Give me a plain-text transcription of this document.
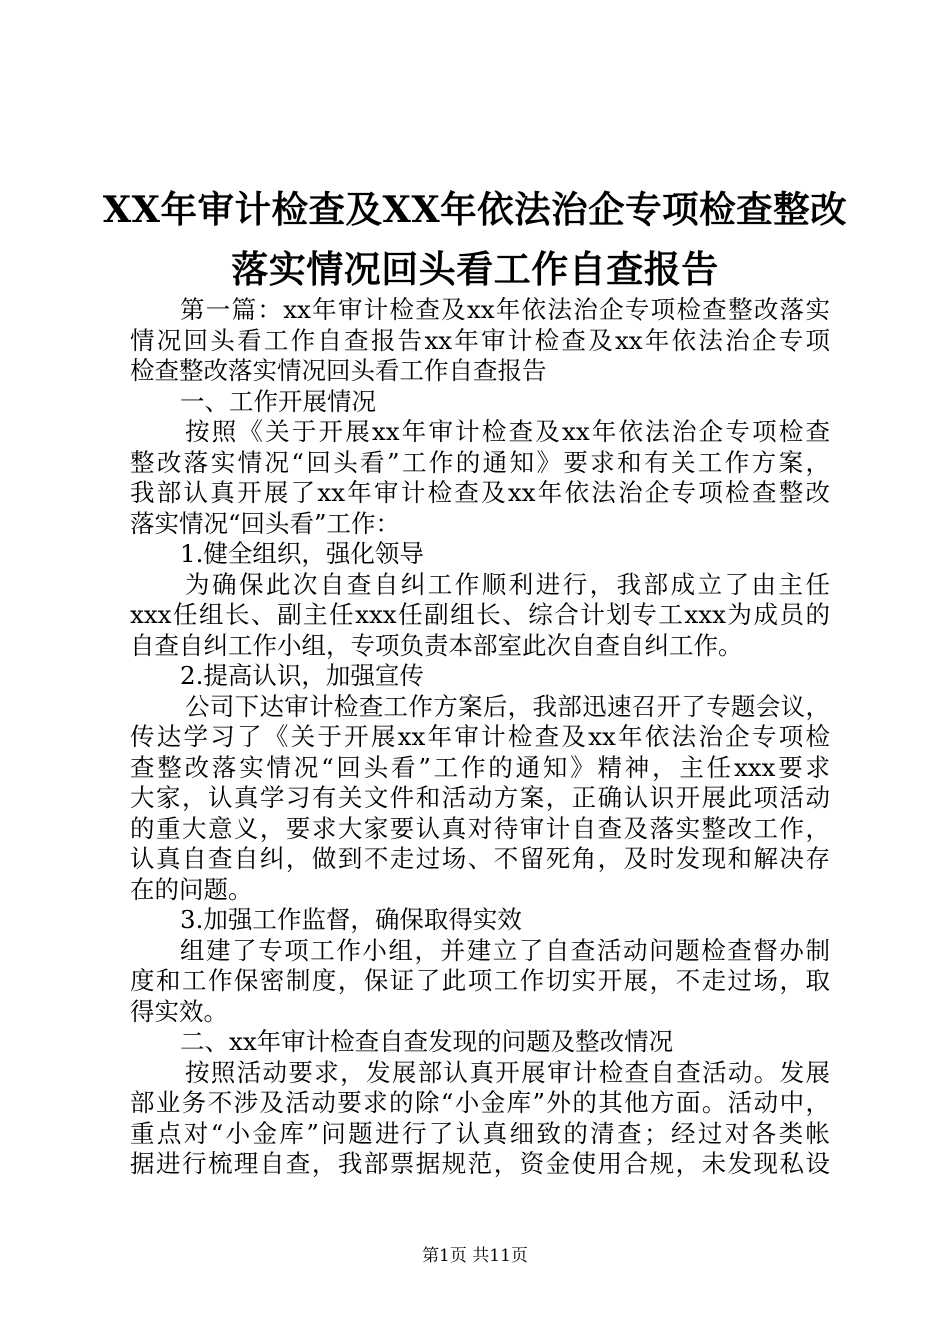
XX年审计检查及XX年依法治企专项检查整改
落实情况回头看工作自查报告
第一篇：xx年审计检查及xx年依法治企专项检查整改落实
情况回头看工作自查报告xx年审计检查及xx年依法治企专项
检查整改落实情况回头看工作自查报告
一、工作开展情况
按照《关于开展xx年审计检查及xx年依法治企专项检查
整改落实情况“回头看”工作的通知》要求和有关工作方案，
我部认真开展了xx年审计检查及xx年依法治企专项检查整改
落实情况“回头看”工作：
1.健全组织，强化领导
为确保此次自查自纠工作顺利进行，我部成立了由主任
xxx任组长、副主任xxx任副组长、综合计划专工xxx为成员的
自查自纠工作小组，专项负责本部室此次自查自纠工作。
2.提高认识，加强宣传
公司下达审计检查工作方案后，我部迅速召开了专题会议，
传达学习了《关于开展xx年审计检查及xx年依法治企专项检
查整改落实情况“回头看”工作的通知》精神，主任xxx要求
大家，认真学习有关文件和活动方案，正确认识开展此项活动
的重大意义，要求大家要认真对待审计自查及落实整改工作，
认真自查自纠，做到不走过场、不留死角，及时发现和解决存
在的问题。
3.加强工作监督，确保取得实效
组建了专项工作小组，并建立了自查活动问题检查督办制
度和工作保密制度，保证了此项工作切实开展，不走过场，取
得实效。
二、xx年审计检查自查发现的问题及整改情况
按照活动要求，发展部认真开展审计检查自查活动。发展
部业务不涉及活动要求的除“小金库”外的其他方面。活动中，
重点对“小金库”问题进行了认真细致的清查；经过对各类帐
据进行梳理自查，我部票据规范，资金使用合规，未发现私设
第1页 共11页
